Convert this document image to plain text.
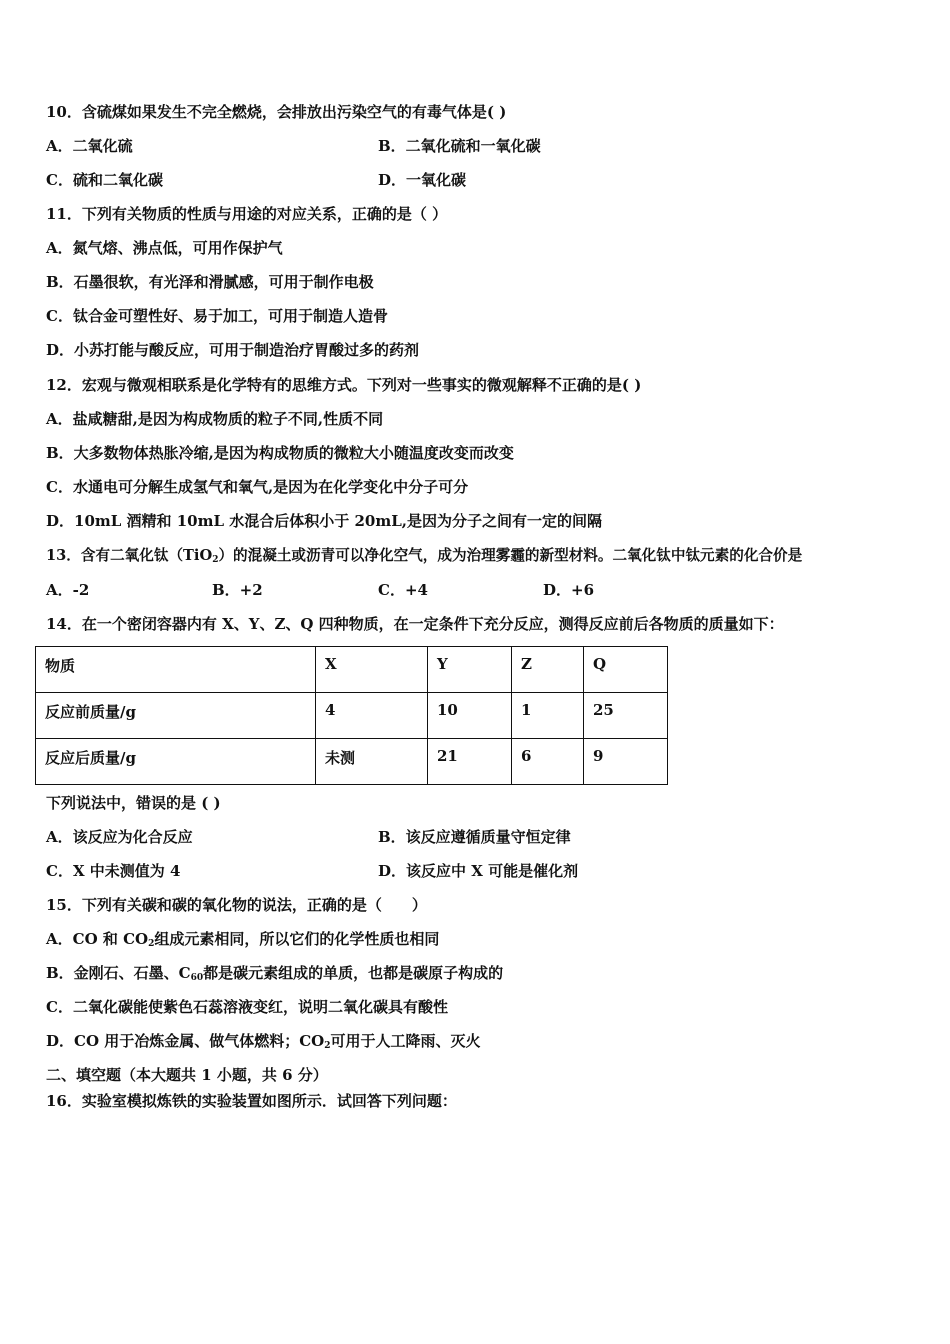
10．含硫煤如果发生不完全燃烧，会排放出污染空气的有毒气体是( )
A．二氧化硫	B．二氧化硫和一氧化碳
C．硫和二氧化碳	D．一氧化碳
11．下列有关物质的性质与用途的对应关系，正确的是（ ）
A．氮气熔、沸点低，可用作保护气
B．石墨很软，有光泽和滑腻感，可用于制作电极
C．钛合金可塑性好、易于加工，可用于制造人造骨
D．小苏打能与酸反应，可用于制造治疗胃酸过多的药剂
12．宏观与微观相联系是化学特有的思维方式。下列对一些事实的微观解释不正确的是( )
A．盐咸糖甜,是因为构成物质的粒子不同,性质不同
B．大多数物体热胀冷缩,是因为构成物质的微粒大小随温度改变而改变
C．水通电可分解生成氢气和氧气,是因为在化学变化中分子可分
D．10mL 酒精和 10mL 水混合后体积小于 20mL,是因为分子之间有一定的间隔
13．含有二氧化钛（TiO$_2$）的混凝土或沥青可以净化空气，成为治理雾霾的新型材料。二氧化钛中钛元素的化合价是
A．-2	B．+2	C．+4	D．+6
14．在一个密闭容器内有 X、Y、Z、Q 四种物质，在一定条件下充分反应，测得反应前后各物质的质量如下：
物质	X	Y	Z	Q
反应前质量/g	4	10	1	25
反应后质量/g	未测	21	6	9
下列说法中，错误的是 ( )
A．该反应为化合反应	B．该反应遵循质量守恒定律
C．X 中未测值为 4	D．该反应中 X 可能是催化剂
15．下列有关碳和碳的氧化物的说法，正确的是（　　）
A．CO 和 $CO_2$组成元素相同，所以它们的化学性质也相同
B．金刚石、石墨、$C_{60}$都是碳元素组成的单质，也都是碳原子构成的
C．二氧化碳能使紫色石蕊溶液变红，说明二氧化碳具有酸性
D．CO 用于冶炼金属、做气体燃料；$CO_2$可用于人工降雨、灭火
二、填空题（本大题共 1 小题，共 6 分）
16．实验室模拟炼铁的实验装置如图所示．试回答下列问题：
